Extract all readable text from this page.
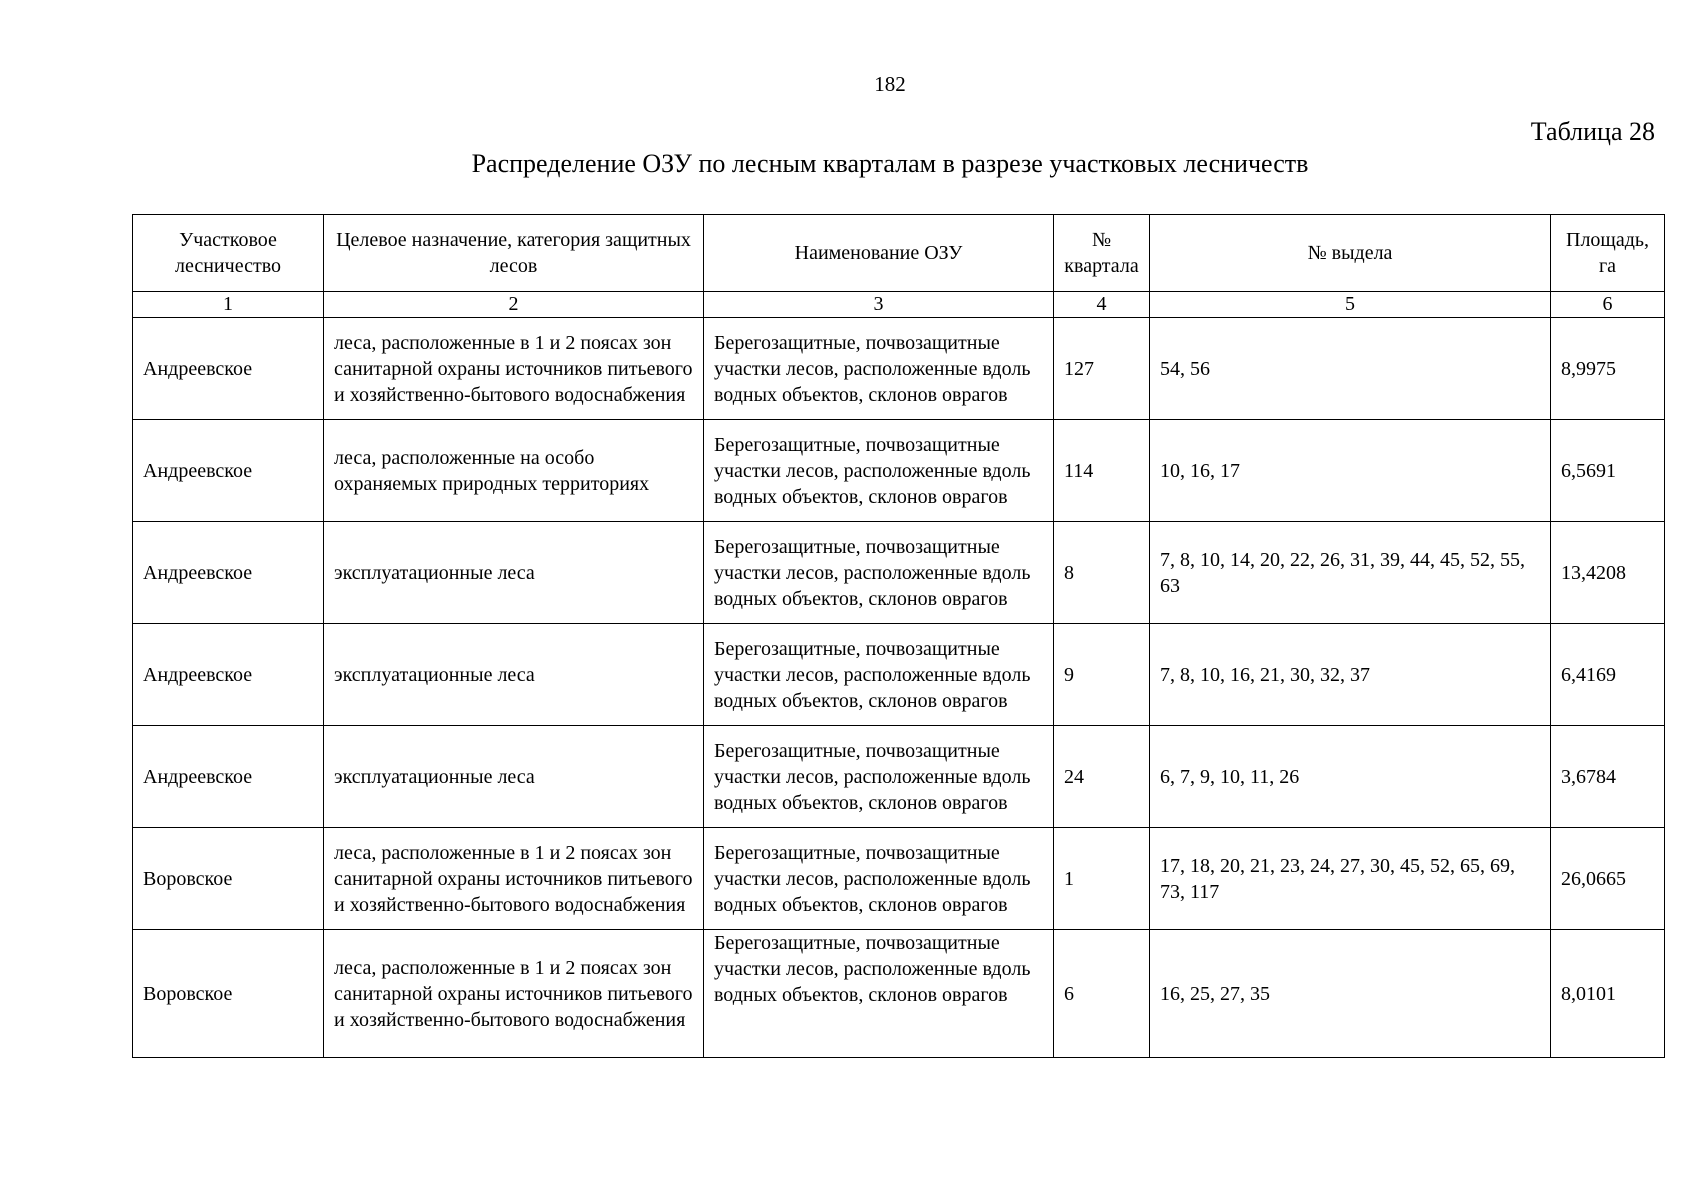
182
Таблица 28
Распределение ОЗУ по лесным кварталам в разрезе участковых лесничеств
Участковое лесничество	Целевое назначение, категория защитных лесов	Наименование ОЗУ	№ квартала	№ выдела	Площадь, га
1	2	3	4	5	6
Андреевское	леса, расположенные в 1 и 2 поясах зон санитарной охраны источников питьевого и хозяйственно-бытового водоснабжения	Берегозащитные, почвозащитные участки лесов, расположенные вдоль водных объектов, склонов оврагов	127	54, 56	8,9975
Андреевское	леса, расположенные на особо охраняемых природных территориях	Берегозащитные, почвозащитные участки лесов, расположенные вдоль водных объектов, склонов оврагов	114	10, 16, 17	6,5691
Андреевское	эксплуатационные леса	Берегозащитные, почвозащитные участки лесов, расположенные вдоль водных объектов, склонов оврагов	8	7, 8, 10, 14, 20, 22, 26, 31, 39, 44, 45, 52, 55, 63	13,4208
Андреевское	эксплуатационные леса	Берегозащитные, почвозащитные участки лесов, расположенные вдоль водных объектов, склонов оврагов	9	7, 8, 10, 16, 21, 30, 32, 37	6,4169
Андреевское	эксплуатационные леса	Берегозащитные, почвозащитные участки лесов, расположенные вдоль водных объектов, склонов оврагов	24	6, 7, 9, 10, 11, 26	3,6784
Воровское	леса, расположенные в 1 и 2 поясах зон санитарной охраны источников питьевого и хозяйственно-бытового водоснабжения	Берегозащитные, почвозащитные участки лесов, расположенные вдоль водных объектов, склонов оврагов	1	17, 18, 20, 21, 23, 24, 27, 30, 45, 52, 65, 69, 73, 117	26,0665
Воровское	леса, расположенные в 1 и 2 поясах зон санитарной охраны источников питьевого и хозяйственно-бытового водоснабжения	Берегозащитные, почвозащитные участки лесов, расположенные вдоль водных объектов, склонов оврагов	6	16, 25, 27, 35	8,0101
